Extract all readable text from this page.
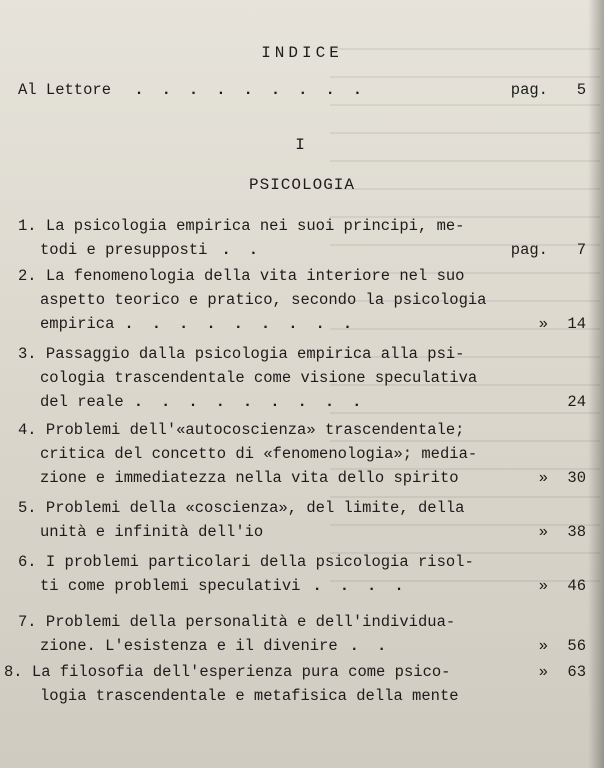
INDICE
Al Lettore .........	pag. 5
I
PSICOLOGIA
1. La psicologia empirica nei suoi principi, me-
todi e presupposti ..	pag. 7
2. La fenomenologia della vita interiore nel suo
aspetto teorico e pratico, secondo la psicologia
empirica .........	» 14
3. Passaggio dalla psicologia empirica alla psi-
cologia trascendentale come visione speculativa
del reale .........	24
4. Problemi dell'«autocoscienza» trascendentale;
critica del concetto di «fenomenologia»; media-
zione e immediatezza nella vita dello spirito	» 30
5. Problemi della «coscienza», del limite, della
unità e infinità dell'io	» 38
6. I problemi particolari della psicologia risol-
ti come problemi speculativi ....	» 46
7. Problemi della personalità e dell'individua-
zione. L'esistenza e il divenire ..	» 56
8. La filosofia dell'esperienza pura come psico-
logia trascendentale e metafisica della mente
» 63
